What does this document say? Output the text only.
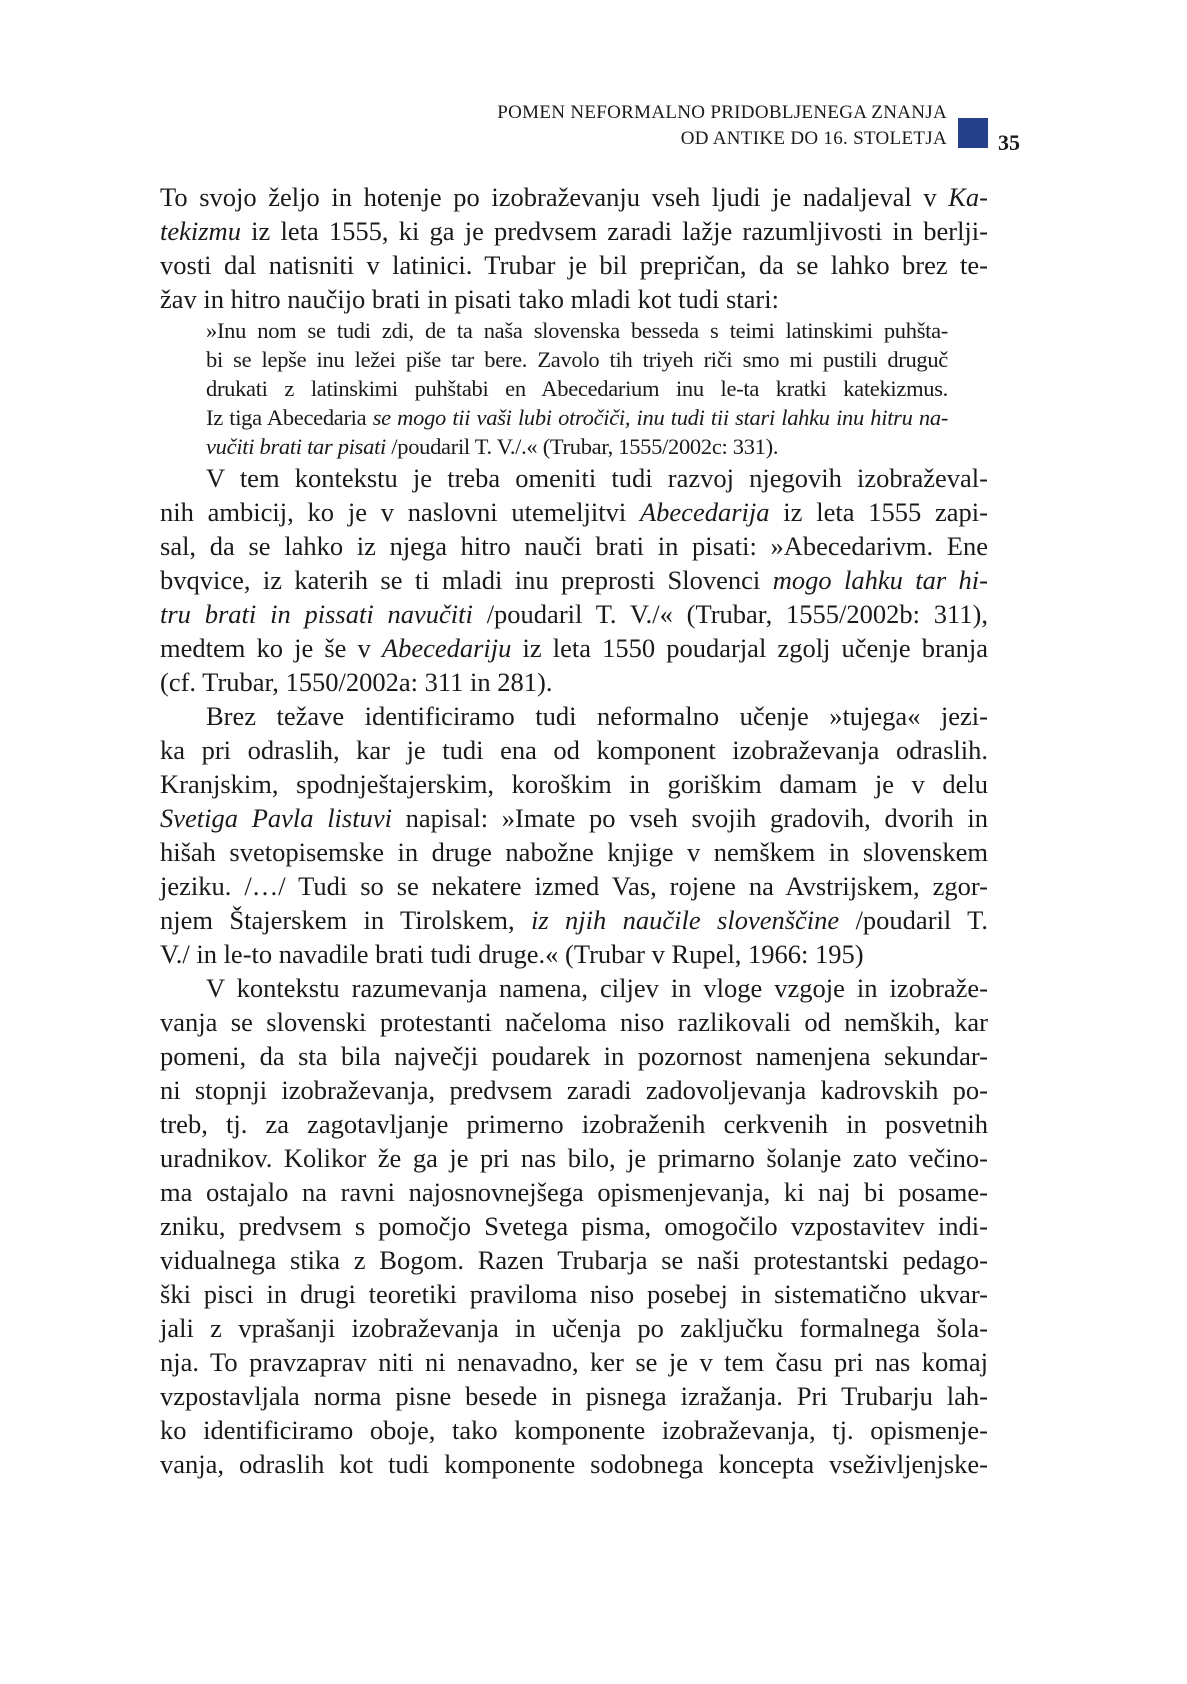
POMEN NEFORMALNO PRIDOBLJENEGA ZNANJA
OD ANTIKE DO 16. STOLETJA 35
To svojo željo in hotenje po izobraževanju vseh ljudi je nadaljeval v Ka-
tekizmu iz leta 1555, ki ga je predvsem zaradi lažje razumljivosti in berlji-
vosti dal natisniti v latinici. Trubar je bil prepričan, da se lahko brez te-
žav in hitro naučijo brati in pisati tako mladi kot tudi stari:
»Inu nom se tudi zdi, de ta naša slovenska besseda s teimi latinskimi puhšta-
bi se lepše inu ležei piše tar bere. Zavolo tih triyeh riči smo mi pustili druguč
drukati z latinskimi puhštabi en Abecedarium inu le-ta kratki katekizmus.
Iz tiga Abecedaria se mogo tii vaši lubi otročiči, inu tudi tii stari lahku inu hitru na-
vučiti brati tar pisati /poudaril T. V./.« (Trubar, 1555/2002c: 331).
V tem kontekstu je treba omeniti tudi razvoj njegovih izobraževal-
nih ambicij, ko je v naslovni utemeljitvi Abecedarija iz leta 1555 zapi-
sal, da se lahko iz njega hitro nauči brati in pisati: »Abecedarivm. Ene
bvqvice, iz katerih se ti mladi inu preprosti Slovenci mogo lahku tar hi-
tru brati in pissati navučiti /poudaril T. V./« (Trubar, 1555/2002b: 311),
medtem ko je še v Abecedariju iz leta 1550 poudarjal zgolj učenje branja
(cf. Trubar, 1550/2002a: 311 in 281).
Brez težave identificiramo tudi neformalno učenje »tujega« jezi-
ka pri odraslih, kar je tudi ena od komponent izobraževanja odraslih.
Kranjskim, spodnještajerskim, koroškim in goriškim damam je v delu
Svetiga Pavla listuvi napisal: »Imate po vseh svojih gradovih, dvorih in
hišah svetopisemske in druge nabožne knjige v nemškem in slovenskem
jeziku. /…/ Tudi so se nekatere izmed Vas, rojene na Avstrijskem, zgor-
njem Štajerskem in Tirolskem, iz njih naučile slovenščine /poudaril T.
V./ in le-to navadile brati tudi druge.« (Trubar v Rupel, 1966: 195)
V kontekstu razumevanja namena, ciljev in vloge vzgoje in izobraže-
vanja se slovenski protestanti načeloma niso razlikovali od nemških, kar
pomeni, da sta bila največji poudarek in pozornost namenjena sekundar-
ni stopnji izobraževanja, predvsem zaradi zadovoljevanja kadrovskih po-
treb, tj. za zagotavljanje primerno izobraženih cerkvenih in posvetnih
uradnikov. Kolikor že ga je pri nas bilo, je primarno šolanje zato večino-
ma ostajalo na ravni najosnovnejšega opismenjevanja, ki naj bi posame-
zniku, predvsem s pomočjo Svetega pisma, omogočilo vzpostavitev indi-
vidualnega stika z Bogom. Razen Trubarja se naši protestantski pedago-
ški pisci in drugi teoretiki praviloma niso posebej in sistematično ukvar-
jali z vprašanji izobraževanja in učenja po zaključku formalnega šola-
nja. To pravzaprav niti ni nenavadno, ker se je v tem času pri nas komaj
vzpostavljala norma pisne besede in pisnega izražanja. Pri Trubarju lah-
ko identificiramo oboje, tako komponente izobraževanja, tj. opismenje-
vanja, odraslih kot tudi komponente sodobnega koncepta vseživljenjske-
